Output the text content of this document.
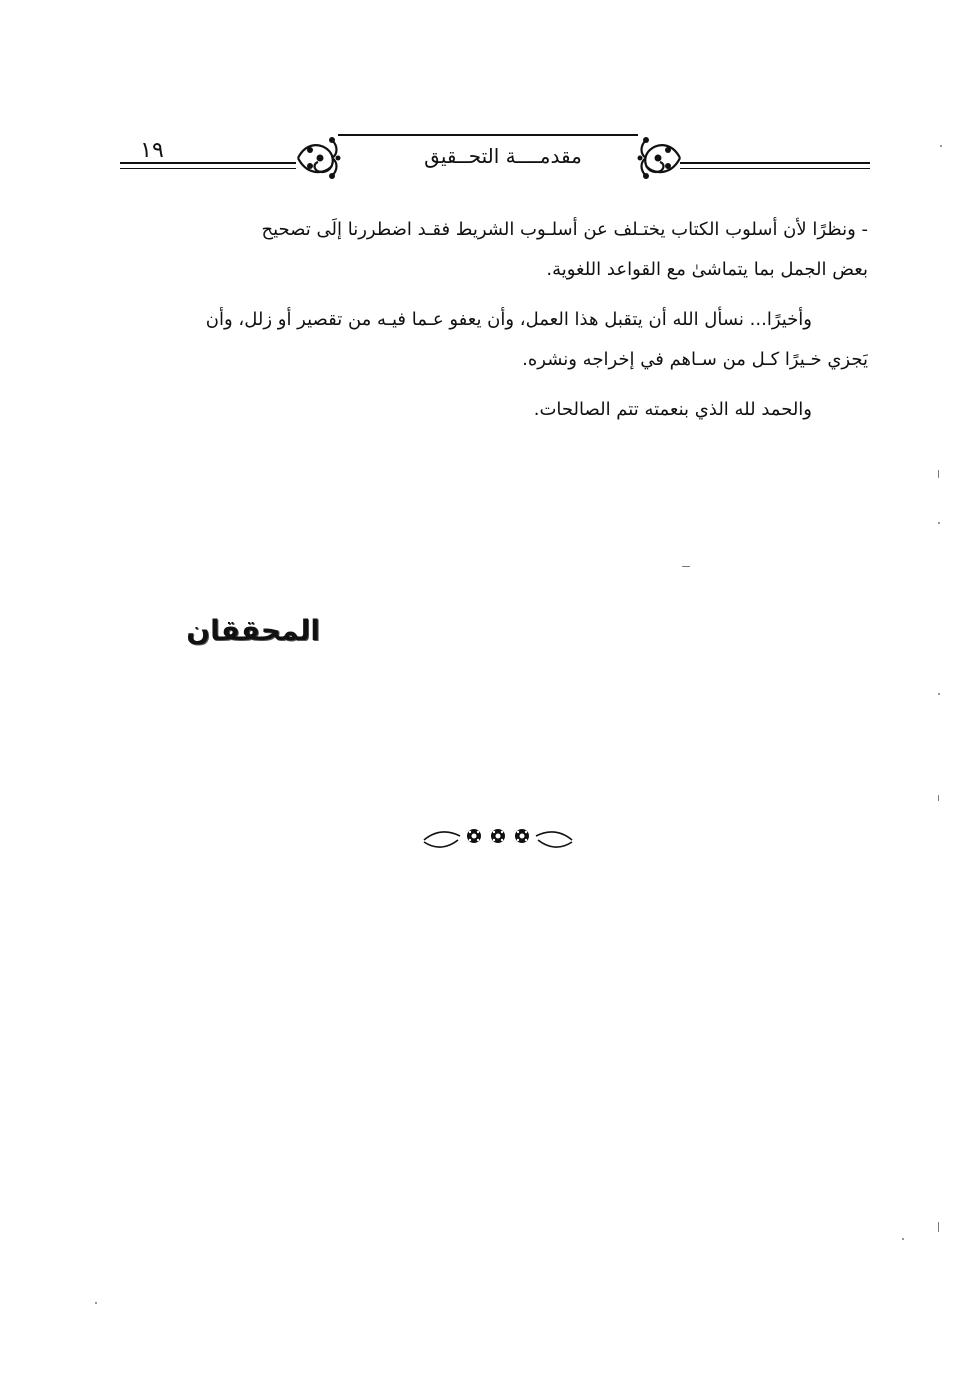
١٩	مقدمــــة التحــقيق
- ونظرًا لأن أسلوب الكتاب يختـلف عن أسلـوب الشريط فقـد اضطررنا إلَى تصحيح
بعض الجمل بما يتماشىٰ مع القواعد اللغوية.
وأخيرًا... نسأل الله أن يتقبل هذا العمل، وأن يعفو عـما فيـه من تقصير أو زلل، وأن
يَجزي خـيرًا كـل من سـاهم في إخراجه ونشره.
والحمد لله الذي بنعمته تتم الصالحات.
المحققان
